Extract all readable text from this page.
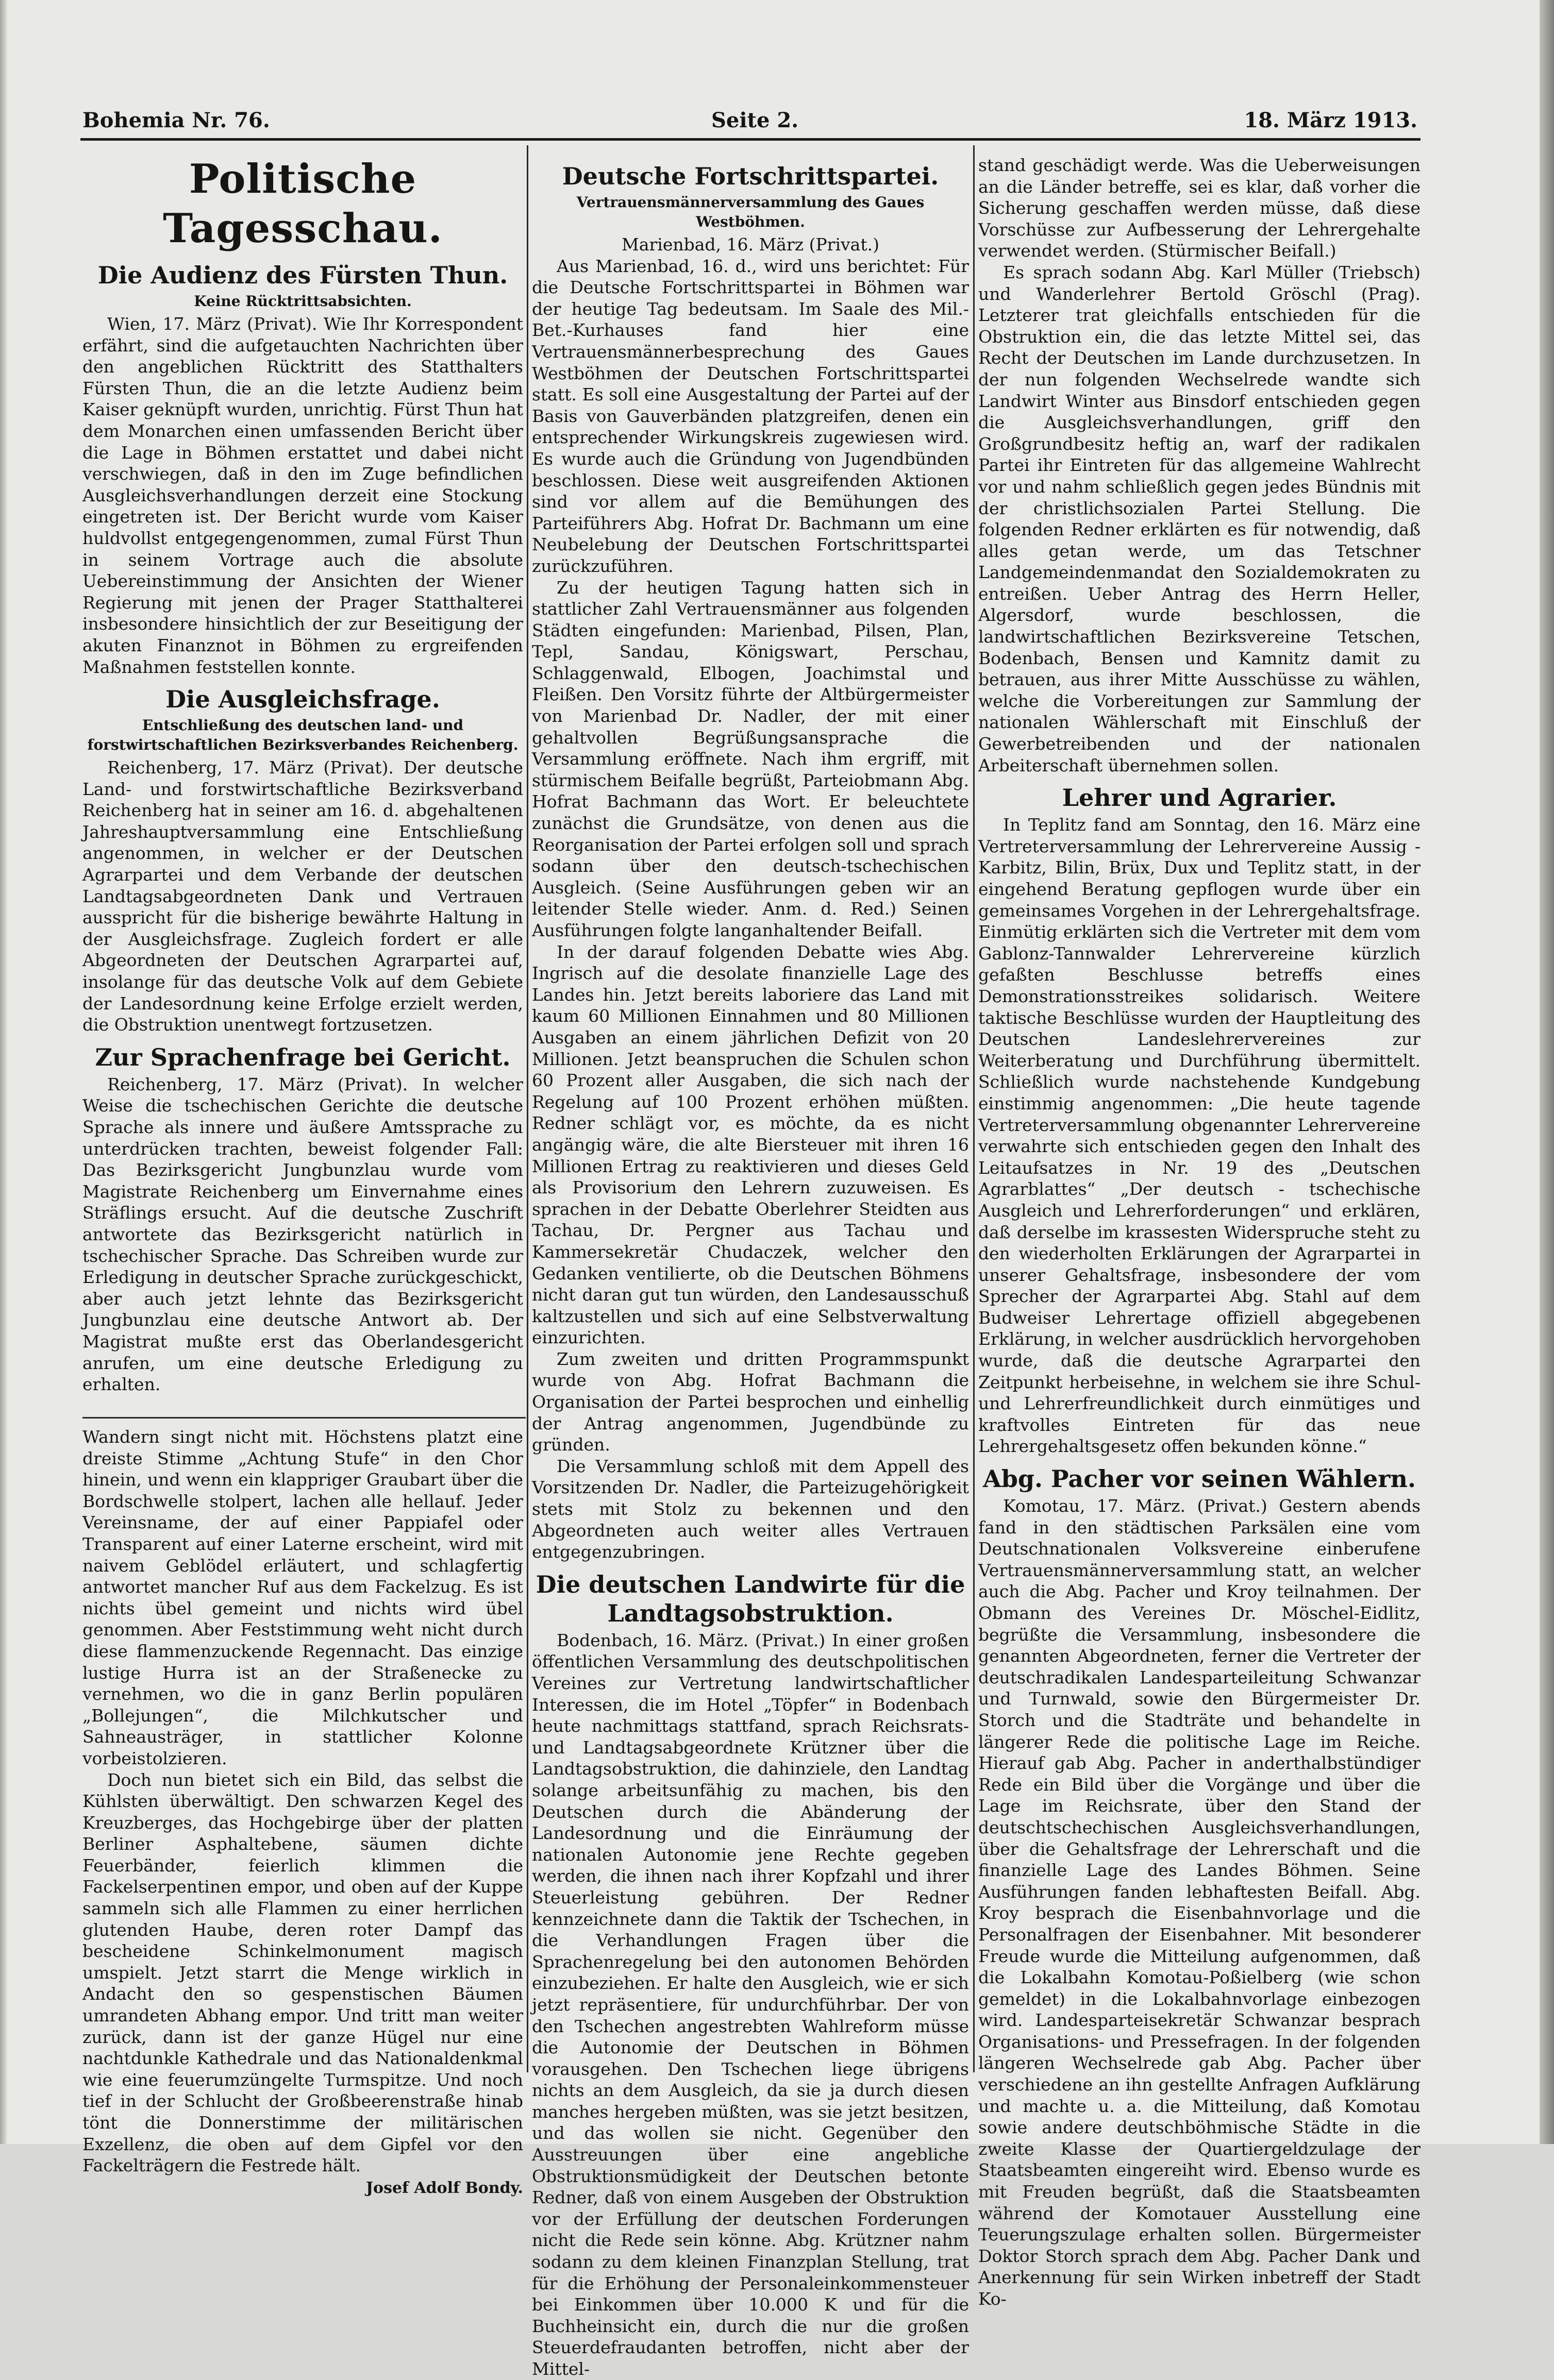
Bohemia Nr. 76.	Seite 2.	18. März 1913.
Politische Tagesschau.
Die Audienz des Fürsten Thun.
Keine Rücktrittsabsichten.

Wien, 17. März (Privat). Wie Ihr Korrespondent erfährt, sind die aufgetauchten Nachrichten über den angeblichen Rücktritt des Statthalters Fürsten Thun, die an die letzte Audienz beim Kaiser geknüpft wurden, unrichtig. Fürst Thun hat dem Monarchen einen umfassenden Bericht über die Lage in Böhmen erstattet und dabei nicht verschwiegen, daß in den im Zuge befindlichen Ausgleichsverhandlungen derzeit eine Stockung eingetreten ist. Der Bericht wurde vom Kaiser huldvollst entgegengenommen, zumal Fürst Thun in seinem Vortrage auch die absolute Uebereinstimmung der Ansichten der Wiener Regierung mit jenen der Prager Statthalterei insbesondere hinsichtlich der zur Beseitigung der akuten Finanznot in Böhmen zu ergreifenden Maßnahmen feststellen konnte.

Die Ausgleichsfrage.
Entschließung des deutschen land- und forstwirtschaftlichen Bezirksverbandes Reichenberg.

Reichenberg, 17. März (Privat). Der deutsche Land- und forstwirtschaftliche Bezirksverband Reichenberg hat in seiner am 16. d. abgehaltenen Jahreshauptversammlung eine Entschließung angenommen, in welcher er der Deutschen Agrarpartei und dem Verbande der deutschen Landtagsabgeordneten Dank und Vertrauen ausspricht für die bisherige bewährte Haltung in der Ausgleichsfrage. Zugleich fordert er alle Abgeordneten der Deutschen Agrarpartei auf, insolange für das deutsche Volk auf dem Gebiete der Landesordnung keine Erfolge erzielt werden, die Obstruktion unentwegt fortzusetzen.

Zur Sprachenfrage bei Gericht.

Reichenberg, 17. März (Privat). In welcher Weise die tschechischen Gerichte die deutsche Sprache als innere und äußere Amtssprache zu unterdrücken trachten, beweist folgender Fall: Das Bezirksgericht Jungbunzlau wurde vom Magistrate Reichenberg um Einvernahme eines Sträflings ersucht. Auf die deutsche Zuschrift antwortete das Bezirksgericht natürlich in tschechischer Sprache. Das Schreiben wurde zur Erledigung in deutscher Sprache zurückgeschickt, aber auch jetzt lehnte das Bezirksgericht Jungbunzlau eine deutsche Antwort ab. Der Magistrat mußte erst das Oberlandesgericht anrufen, um eine deutsche Erledigung zu erhalten.

Wandern singt nicht mit. Höchstens platzt eine dreiste Stimme „Achtung Stufe“ in den Chor hinein, und wenn ein klappriger Graubart über die Bordschwelle stolpert, lachen alle hellauf. Jeder Vereinsname, der auf einer Pappiafel oder Transparent auf einer Laterne erscheint, wird mit naivem Geblödel erläutert, und schlagfertig antwortet mancher Ruf aus dem Fackelzug. Es ist nichts übel gemeint und nichts wird übel genommen. Aber Feststimmung weht nicht durch diese flammenzuckende Regennacht. Das einzige lustige Hurra ist an der Straßenecke zu vernehmen, wo die in ganz Berlin populären „Bollejungen“, die Milchkutscher und Sahneausträger, in stattlicher Kolonne vorbeistolzieren.

Doch nun bietet sich ein Bild, das selbst die Kühlsten überwältigt. Den schwarzen Kegel des Kreuzberges, das Hochgebirge über der platten Berliner Asphaltebene, säumen dichte Feuerbänder, feierlich klimmen die Fackelserpentinen empor, und oben auf der Kuppe sammeln sich alle Flammen zu einer herrlichen glutenden Haube, deren roter Dampf das bescheidene Schinkelmonument magisch umspielt. Jetzt starrt die Menge wirklich in Andacht den so gespenstischen Bäumen umrandeten Abhang empor. Und tritt man weiter zurück, dann ist der ganze Hügel nur eine nachtdunkle Kathedrale und das Nationaldenkmal wie eine feuerumzüngelte Turmspitze. Und noch tief in der Schlucht der Großbeerenstraße hinab tönt die Donnerstimme der militärischen Exzellenz, die oben auf dem Gipfel vor den Fackelträgern die Festrede hält.

Josef Adolf Bondy.
Deutsche Fortschrittspartei.
Vertrauensmännerversammlung des Gaues Westböhmen.

Marienbad, 16. März (Privat.)

Aus Marienbad, 16. d., wird uns berichtet: Für die Deutsche Fortschrittspartei in Böhmen war der heutige Tag bedeutsam. Im Saale des Mil.-Bet.-Kurhauses fand hier eine Vertrauensmännerbesprechung des Gaues Westböhmen der Deutschen Fortschrittspartei statt. Es soll eine Ausgestaltung der Partei auf der Basis von Gauverbänden platzgreifen, denen ein entsprechender Wirkungskreis zugewiesen wird. Es wurde auch die Gründung von Jugendbünden beschlossen. Diese weit ausgreifenden Aktionen sind vor allem auf die Bemühungen des Parteiführers Abg. Hofrat Dr. Bachmann um eine Neubelebung der Deutschen Fortschrittspartei zurückzuführen.

Zu der heutigen Tagung hatten sich in stattlicher Zahl Vertrauensmänner aus folgenden Städten eingefunden: Marienbad, Pilsen, Plan, Tepl, Sandau, Königswart, Perschau, Schlaggenwald, Elbogen, Joachimstal und Fleißen. Den Vorsitz führte der Altbürgermeister von Marienbad Dr. Nadler, der mit einer gehaltvollen Begrüßungsansprache die Versammlung eröffnete. Nach ihm ergriff, mit stürmischem Beifalle begrüßt, Parteiobmann Abg. Hofrat Bachmann das Wort. Er beleuchtete zunächst die Grundsätze, von denen aus die Reorganisation der Partei erfolgen soll und sprach sodann über den deutsch-tschechischen Ausgleich. (Seine Ausführungen geben wir an leitender Stelle wieder. Anm. d. Red.) Seinen Ausführungen folgte langanhaltender Beifall.

In der darauf folgenden Debatte wies Abg. Ingrisch auf die desolate finanzielle Lage des Landes hin. Jetzt bereits laboriere das Land mit kaum 60 Millionen Einnahmen und 80 Millionen Ausgaben an einem jährlichen Defizit von 20 Millionen. Jetzt beanspruchen die Schulen schon 60 Prozent aller Ausgaben, die sich nach der Regelung auf 100 Prozent erhöhen müßten. Redner schlägt vor, es möchte, da es nicht angängig wäre, die alte Biersteuer mit ihren 16 Millionen Ertrag zu reaktivieren und dieses Geld als Provisorium den Lehrern zuzuweisen. Es sprachen in der Debatte Oberlehrer Steidten aus Tachau, Dr. Pergner aus Tachau und Kammersekretär Chudaczek, welcher den Gedanken ventilierte, ob die Deutschen Böhmens nicht daran gut tun würden, den Landesausschuß kaltzustellen und sich auf eine Selbstverwaltung einzurichten.

Zum zweiten und dritten Programmspunkt wurde von Abg. Hofrat Bachmann die Organisation der Partei besprochen und einhellig der Antrag angenommen, Jugendbünde zu gründen.

Die Versammlung schloß mit dem Appell des Vorsitzenden Dr. Nadler, die Parteizugehörigkeit stets mit Stolz zu bekennen und den Abgeordneten auch weiter alles Vertrauen entgegenzubringen.

Die deutschen Landwirte für die Landtagsobstruktion.

Bodenbach, 16. März. (Privat.) In einer großen öffentlichen Versammlung des deutschpolitischen Vereines zur Vertretung landwirtschaftlicher Interessen, die im Hotel „Töpfer“ in Bodenbach heute nachmittags stattfand, sprach Reichsrats- und Landtagsabgeordnete Krützner über die Landtagsobstruktion, die dahinziele, den Landtag solange arbeitsunfähig zu machen, bis den Deutschen durch die Abänderung der Landesordnung und die Einräumung der nationalen Autonomie jene Rechte gegeben werden, die ihnen nach ihrer Kopfzahl und ihrer Steuerleistung gebühren. Der Redner kennzeichnete dann die Taktik der Tschechen, in die Verhandlungen Fragen über die Sprachenregelung bei den autonomen Behörden einzubeziehen. Er halte den Ausgleich, wie er sich jetzt repräsentiere, für undurchführbar. Der von den Tschechen angestrebten Wahlreform müsse die Autonomie der Deutschen in Böhmen vorausgehen. Den Tschechen liege übrigens nichts an dem Ausgleich, da sie ja durch diesen manches hergeben müßten, was sie jetzt besitzen, und das wollen sie nicht. Gegenüber den Ausstreuungen über eine angebliche Obstruktionsmüdigkeit der Deutschen betonte Redner, daß von einem Ausgeben der Obstruktion vor der Erfüllung der deutschen Forderungen nicht die Rede sein könne. Abg. Krützner nahm sodann zu dem kleinen Finanzplan Stellung, trat für die Erhöhung der Personaleinkommensteuer bei Einkommen über 10.000 K und für die Buchheinsicht ein, durch die nur die großen Steuerdefraudanten betroffen, nicht aber der Mittel-

stand geschädigt werde. Was die Ueberweisungen an die Länder betreffe, sei es klar, daß vorher die Sicherung geschaffen werden müsse, daß diese Vorschüsse zur Aufbesserung der Lehrergehalte verwendet werden. (Stürmischer Beifall.)

Es sprach sodann Abg. Karl Müller (Triebsch) und Wanderlehrer Bertold Gröschl (Prag). Letzterer trat gleichfalls entschieden für die Obstruktion ein, die das letzte Mittel sei, das Recht der Deutschen im Lande durchzusetzen. In der nun folgenden Wechselrede wandte sich Landwirt Winter aus Binsdorf entschieden gegen die Ausgleichsverhandlungen, griff den Großgrundbesitz heftig an, warf der radikalen Partei ihr Eintreten für das allgemeine Wahlrecht vor und nahm schließlich gegen jedes Bündnis mit der christlichsozialen Partei Stellung. Die folgenden Redner erklärten es für notwendig, daß alles getan werde, um das Tetschner Landgemeindenmandat den Sozialdemokraten zu entreißen. Ueber Antrag des Herrn Heller, Algersdorf, wurde beschlossen, die landwirtschaftlichen Bezirksvereine Tetschen, Bodenbach, Bensen und Kamnitz damit zu betrauen, aus ihrer Mitte Ausschüsse zu wählen, welche die Vorbereitungen zur Sammlung der nationalen Wählerschaft mit Einschluß der Gewerbetreibenden und der nationalen Arbeiterschaft übernehmen sollen.

Lehrer und Agrarier.

In Teplitz fand am Sonntag, den 16. März eine Vertreterversammlung der Lehrervereine Aussig - Karbitz, Bilin, Brüx, Dux und Teplitz statt, in der eingehend Beratung gepflogen wurde über ein gemeinsames Vorgehen in der Lehrergehaltsfrage. Einmütig erklärten sich die Vertreter mit dem vom Gablonz-Tannwalder Lehrervereine kürzlich gefaßten Beschlusse betreffs eines Demonstrationsstreikes solidarisch. Weitere taktische Beschlüsse wurden der Hauptleitung des Deutschen Landeslehrervereines zur Weiterberatung und Durchführung übermittelt. Schließlich wurde nachstehende Kundgebung einstimmig angenommen: „Die heute tagende Vertreterversammlung obgenannter Lehrervereine verwahrte sich entschieden gegen den Inhalt des Leitaufsatzes in Nr. 19 des „Deutschen Agrarblattes“ „Der deutsch - tschechische Ausgleich und Lehrerforderungen“ und erklären, daß derselbe im krassesten Widerspruche steht zu den wiederholten Erklärungen der Agrarpartei in unserer Gehaltsfrage, insbesondere der vom Sprecher der Agrarpartei Abg. Stahl auf dem Budweiser Lehrertage offiziell abgegebenen Erklärung, in welcher ausdrücklich hervorgehoben wurde, daß die deutsche Agrarpartei den Zeitpunkt herbeisehne, in welchem sie ihre Schul- und Lehrerfreundlichkeit durch einmütiges und kraftvolles Eintreten für das neue Lehrergehaltsgesetz offen bekunden könne.“

Abg. Pacher vor seinen Wählern.

Komotau, 17. März. (Privat.) Gestern abends fand in den städtischen Parksälen eine vom Deutschnationalen Volksvereine einberufene Vertrauensmännerversammlung statt, an welcher auch die Abg. Pacher und Kroy teilnahmen. Der Obmann des Vereines Dr. Möschel-Eidlitz, begrüßte die Versammlung, insbesondere die genannten Abgeordneten, ferner die Vertreter der deutschradikalen Landesparteileitung Schwanzar und Turnwald, sowie den Bürgermeister Dr. Storch und die Stadträte und behandelte in längerer Rede die politische Lage im Reiche. Hierauf gab Abg. Pacher in anderthalbstündiger Rede ein Bild über die Vorgänge und über die Lage im Reichsrate, über den Stand der deutschtschechischen Ausgleichsverhandlungen, über die Gehaltsfrage der Lehrerschaft und die finanzielle Lage des Landes Böhmen. Seine Ausführungen fanden lebhaftesten Beifall. Abg. Kroy besprach die Eisenbahnvorlage und die Personalfragen der Eisenbahner. Mit besonderer Freude wurde die Mitteilung aufgenommen, daß die Lokalbahn Komotau-Poßielberg (wie schon gemeldet) in die Lokalbahnvorlage einbezogen wird. Landesparteisekretär Schwanzar besprach Organisations- und Pressefragen. In der folgenden längeren Wechselrede gab Abg. Pacher über verschiedene an ihn gestellte Anfragen Aufklärung und machte u. a. die Mitteilung, daß Komotau sowie andere deutschböhmische Städte in die zweite Klasse der Quartiergeldzulage der Staatsbeamten eingereiht wird. Ebenso wurde es mit Freuden begrüßt, daß die Staatsbeamten während der Komotauer Ausstellung eine Teuerungszulage erhalten sollen. Bürgermeister Doktor Storch sprach dem Abg. Pacher Dank und Anerkennung für sein Wirken inbetreff der Stadt Ko-
